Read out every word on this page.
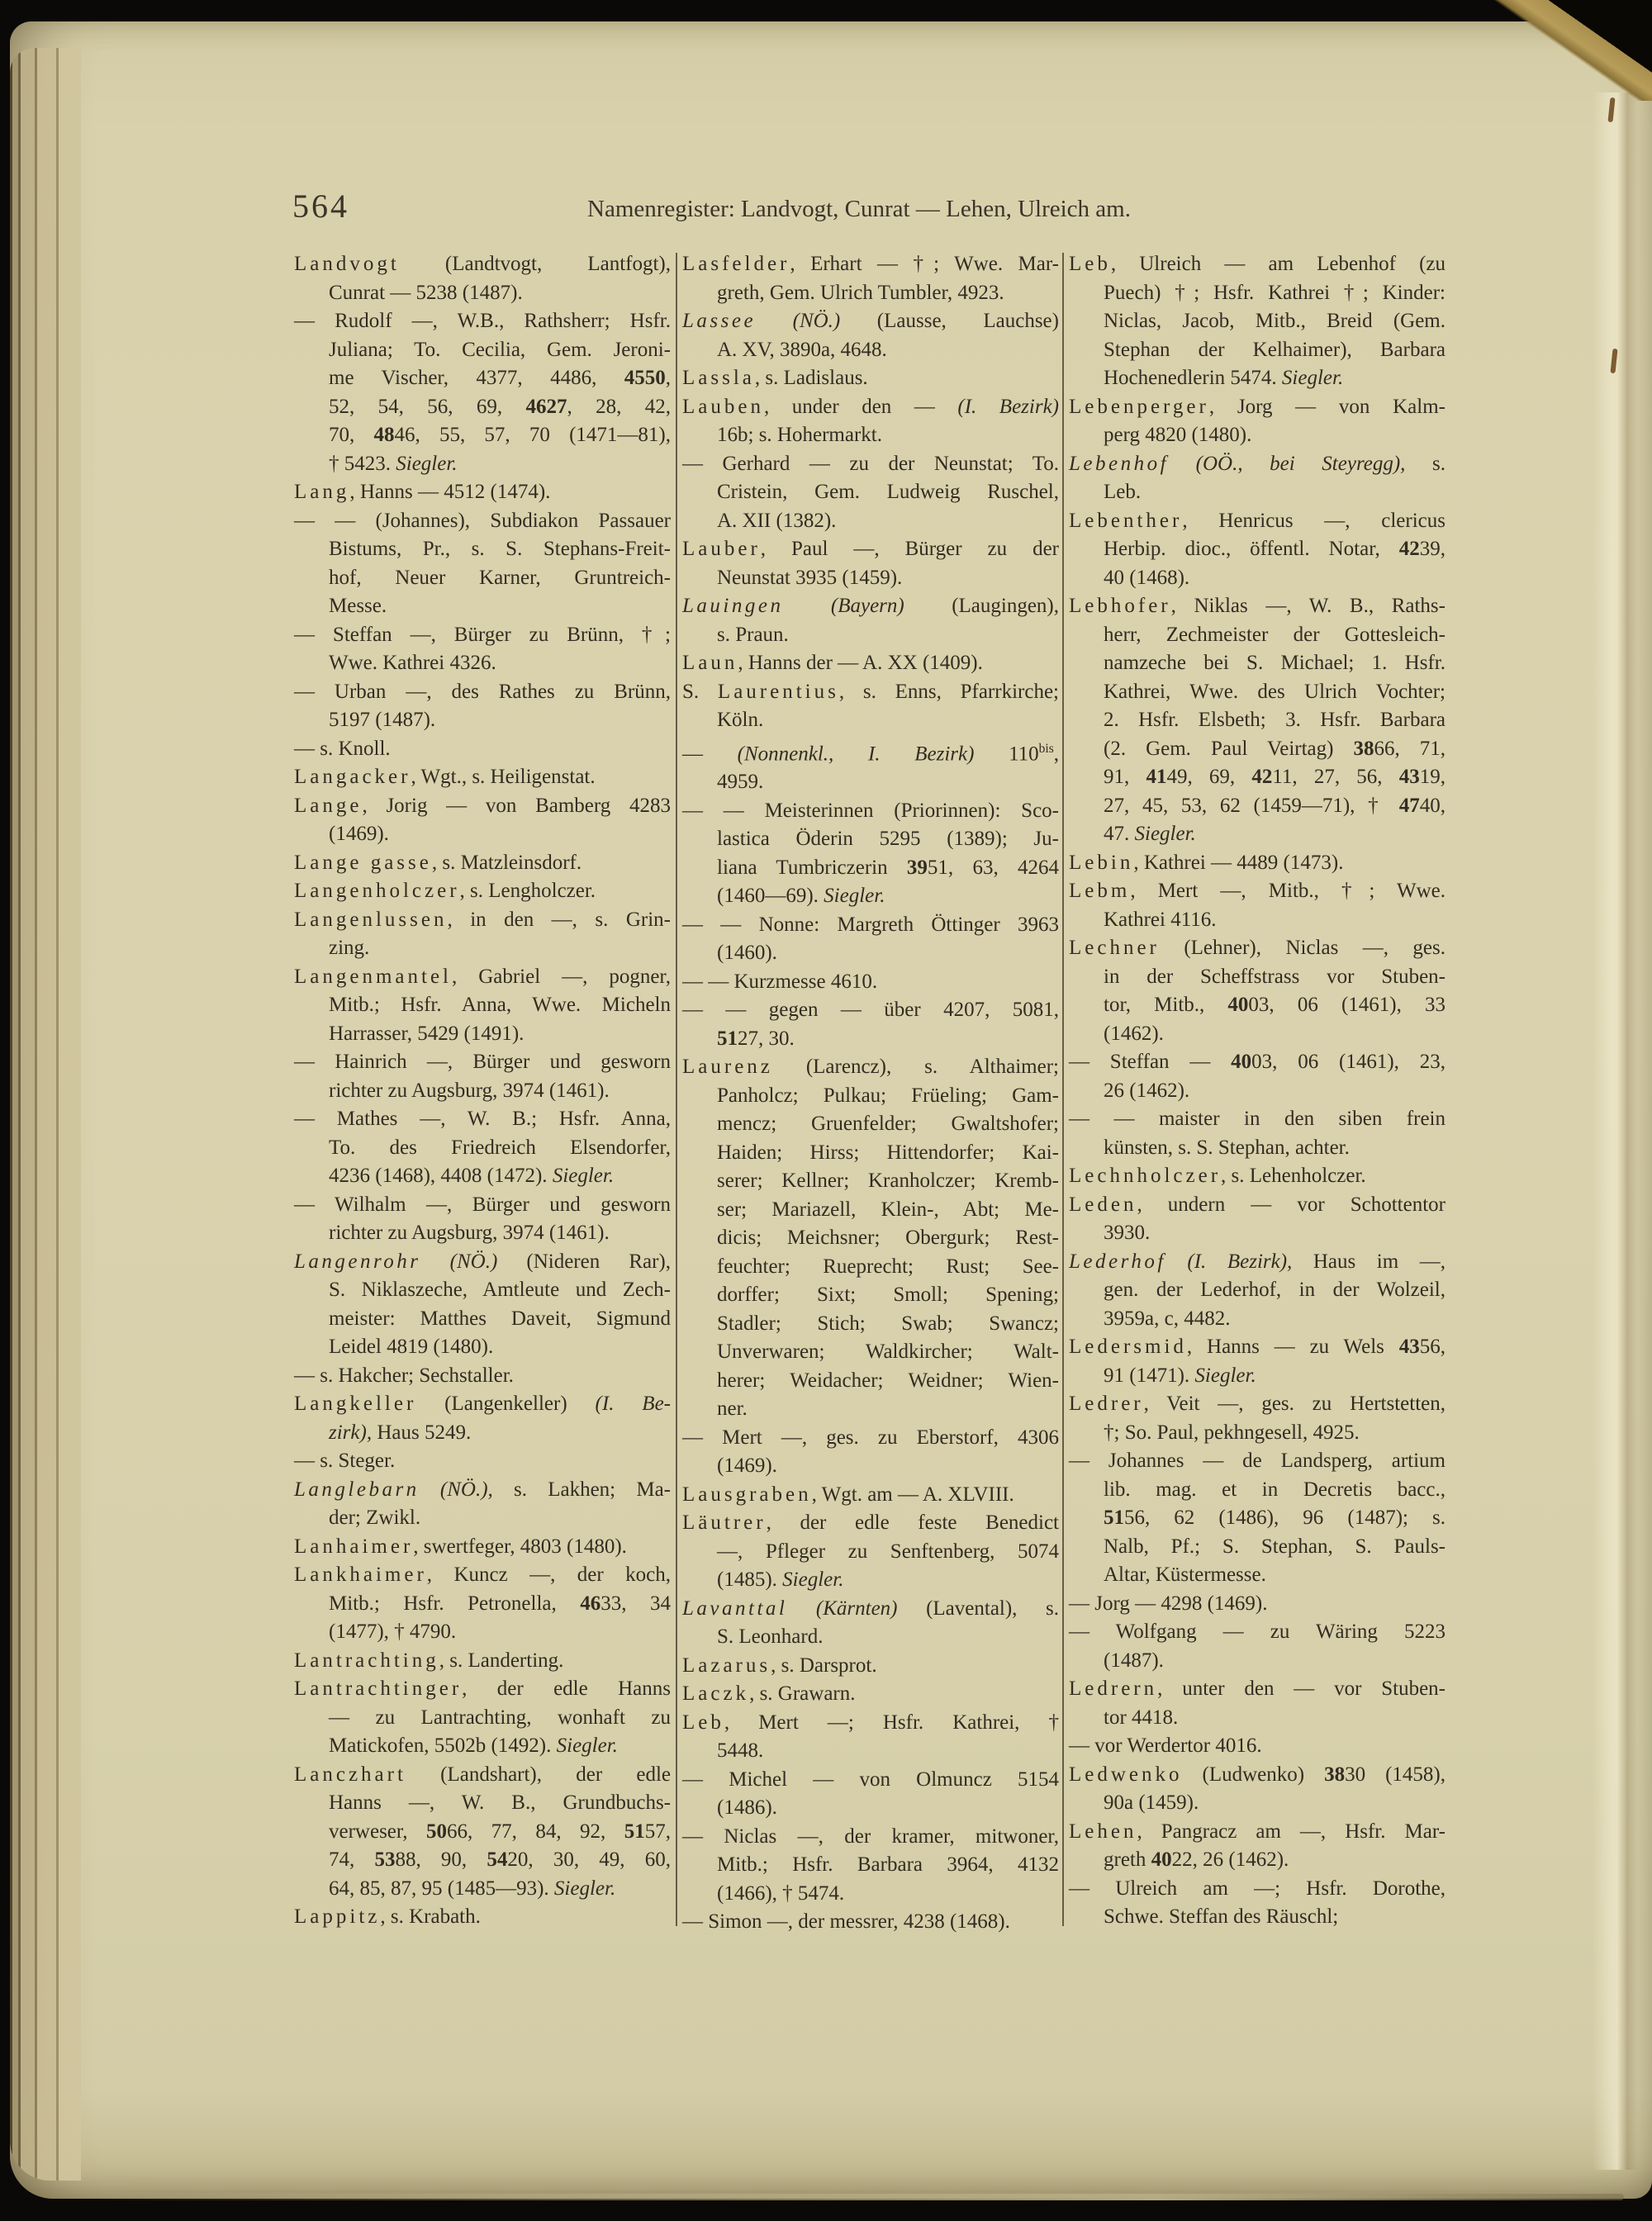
564	Namenregister: Landvogt, Cunrat — Lehen, Ulreich am.
Landvogt (Landtvogt, Lantfogt),
Cunrat — 5238 (1487).
— Rudolf —, W.B., Rathsherr; Hsfr.
Juliana; To. Cecilia, Gem. Jeroni-
me Vischer, 4377, 4486, 4550,
52, 54, 56, 69, 4627, 28, 42,
70, 4846, 55, 57, 70 (1471—81),
† 5423. Siegler.
Lang, Hanns — 4512 (1474).
— — (Johannes), Subdiakon Passauer
Bistums, Pr., s. S. Stephans-Freit-
hof, Neuer Karner, Gruntreich-
Messe.
— Steffan —, Bürger zu Brünn, †;
Wwe. Kathrei 4326.
— Urban —, des Rathes zu Brünn,
5197 (1487).
— s. Knoll.
Langacker, Wgt., s. Heiligenstat.
Lange, Jorig — von Bamberg 4283
(1469).
Lange gasse, s. Matzleinsdorf.
Langenholczer, s. Lengholczer.
Langenlussen, in den —, s. Grin-
zing.
Langenmantel, Gabriel —, pogner,
Mitb.; Hsfr. Anna, Wwe. Micheln
Harrasser, 5429 (1491).
— Hainrich —, Bürger und gesworn
richter zu Augsburg, 3974 (1461).
— Mathes —, W. B.; Hsfr. Anna,
To. des Friedreich Elsendorfer,
4236 (1468), 4408 (1472). Siegler.
— Wilhalm —, Bürger und gesworn
richter zu Augsburg, 3974 (1461).
Langenrohr (NÖ.) (Nideren Rar),
S. Niklaszeche, Amtleute und Zech-
meister: Matthes Daveit, Sigmund
Leidel 4819 (1480).
— s. Hakcher; Sechstaller.
Langkeller (Langenkeller) (I. Be-
zirk), Haus 5249.
— s. Steger.
Langlebarn (NÖ.), s. Lakhen; Ma-
der; Zwikl.
Lanhaimer, swertfeger, 4803 (1480).
Lankhaimer, Kuncz —, der koch,
Mitb.; Hsfr. Petronella, 4633, 34
(1477), † 4790.
Lantrachting, s. Landerting.
Lantrachtinger, der edle Hanns
— zu Lantrachting, wonhaft zu
Matickofen, 5502b (1492). Siegler.
Lanczhart (Landshart), der edle
Hanns —, W. B., Grundbuchs-
verweser, 5066, 77, 84, 92, 5157,
74, 5388, 90, 5420, 30, 49, 60,
64, 85, 87, 95 (1485—93). Siegler.
Lappitz, s. Krabath.
Lasfelder, Erhart — †; Wwe. Mar-
greth, Gem. Ulrich Tumbler, 4923.
Lassee (NÖ.) (Lausse, Lauchse)
A. XV, 3890a, 4648.
Lassla, s. Ladislaus.
Lauben, under den — (I. Bezirk)
16b; s. Hohermarkt.
— Gerhard — zu der Neunstat; To.
Cristein, Gem. Ludweig Ruschel,
A. XII (1382).
Lauber, Paul —, Bürger zu der
Neunstat 3935 (1459).
Lauingen (Bayern) (Laugingen),
s. Praun.
Laun, Hanns der — A. XX (1409).
S. Laurentius, s. Enns, Pfarrkirche;
Köln.
— (Nonnenkl., I. Bezirk) $110^{bis}$,
4959.
— — Meisterinnen (Priorinnen): Sco-
lastica Öderin 5295 (1389); Ju-
liana Tumbriczerin 3951, 63, 4264
(1460—69). Siegler.
— — Nonne: Margreth Öttinger 3963
(1460).
— — Kurzmesse 4610.
— — gegen — über 4207, 5081,
5127, 30.
Laurenz (Larencz), s. Althaimer;
Panholcz; Pulkau; Früeling; Gam-
mencz; Gruenfelder; Gwaltshofer;
Haiden; Hirss; Hittendorfer; Kai-
serer; Kellner; Kranholczer; Kremb-
ser; Mariazell, Klein-, Abt; Me-
dicis; Meichsner; Obergurk; Rest-
feuchter; Rueprecht; Rust; See-
dorffer; Sixt; Smoll; Spening;
Stadler; Stich; Swab; Swancz;
Unverwaren; Waldkircher; Walt-
herer; Weidacher; Weidner; Wien-
ner.
— Mert —, ges. zu Eberstorf, 4306
(1469).
Lausgraben, Wgt. am — A. XLVIII.
Läutrer, der edle feste Benedict
—, Pfleger zu Senftenberg, 5074
(1485). Siegler.
Lavanttal (Kärnten) (Lavental), s.
S. Leonhard.
Lazarus, s. Darsprot.
Laczk, s. Grawarn.
Leb, Mert —; Hsfr. Kathrei, †
5448.
— Michel — von Olmuncz 5154
(1486).
— Niclas —, der kramer, mitwoner,
Mitb.; Hsfr. Barbara 3964, 4132
(1466), † 5474.
— Simon —, der messrer, 4238 (1468).
Leb, Ulreich — am Lebenhof (zu
Puech) †; Hsfr. Kathrei †; Kinder:
Niclas, Jacob, Mitb., Breid (Gem.
Stephan der Kelhaimer), Barbara
Hochenedlerin 5474. Siegler.
Lebenperger, Jorg — von Kalm-
perg 4820 (1480).
Lebenhof (OÖ., bei Steyregg), s.
Leb.
Lebenther, Henricus —, clericus
Herbip. dioc., öffentl. Notar, 4239,
40 (1468).
Lebhofer, Niklas —, W. B., Raths-
herr, Zechmeister der Gottesleich-
namzeche bei S. Michael; 1. Hsfr.
Kathrei, Wwe. des Ulrich Vochter;
2. Hsfr. Elsbeth; 3. Hsfr. Barbara
(2. Gem. Paul Veirtag) 3866, 71,
91, 4149, 69, 4211, 27, 56, 4319,
27, 45, 53, 62 (1459—71), † 4740,
47. Siegler.
Lebin, Kathrei — 4489 (1473).
Lebm, Mert —, Mitb., †; Wwe.
Kathrei 4116.
Lechner (Lehner), Niclas —, ges.
in der Scheffstrass vor Stuben-
tor, Mitb., 4003, 06 (1461), 33
(1462).
— Steffan — 4003, 06 (1461), 23,
26 (1462).
— — maister in den siben frein
künsten, s. S. Stephan, achter.
Lechnholczer, s. Lehenholczer.
Leden, undern — vor Schottentor
3930.
Lederhof (I. Bezirk), Haus im —,
gen. der Lederhof, in der Wolzeil,
3959a, c, 4482.
Ledersmid, Hanns — zu Wels 4356,
91 (1471). Siegler.
Ledrer, Veit —, ges. zu Hertstetten,
†; So. Paul, pekhngesell, 4925.
— Johannes — de Landsperg, artium
lib. mag. et in Decretis bacc.,
5156, 62 (1486), 96 (1487); s.
Nalb, Pf.; S. Stephan, S. Pauls-
Altar, Küstermesse.
— Jorg — 4298 (1469).
— Wolfgang — zu Wäring 5223
(1487).
Ledrern, unter den — vor Stuben-
tor 4418.
— vor Werdertor 4016.
Ledwenko (Ludwenko) 3830 (1458),
90a (1459).
Lehen, Pangracz am —, Hsfr. Mar-
greth 4022, 26 (1462).
— Ulreich am —; Hsfr. Dorothe,
Schwe. Steffan des Räuschl;
